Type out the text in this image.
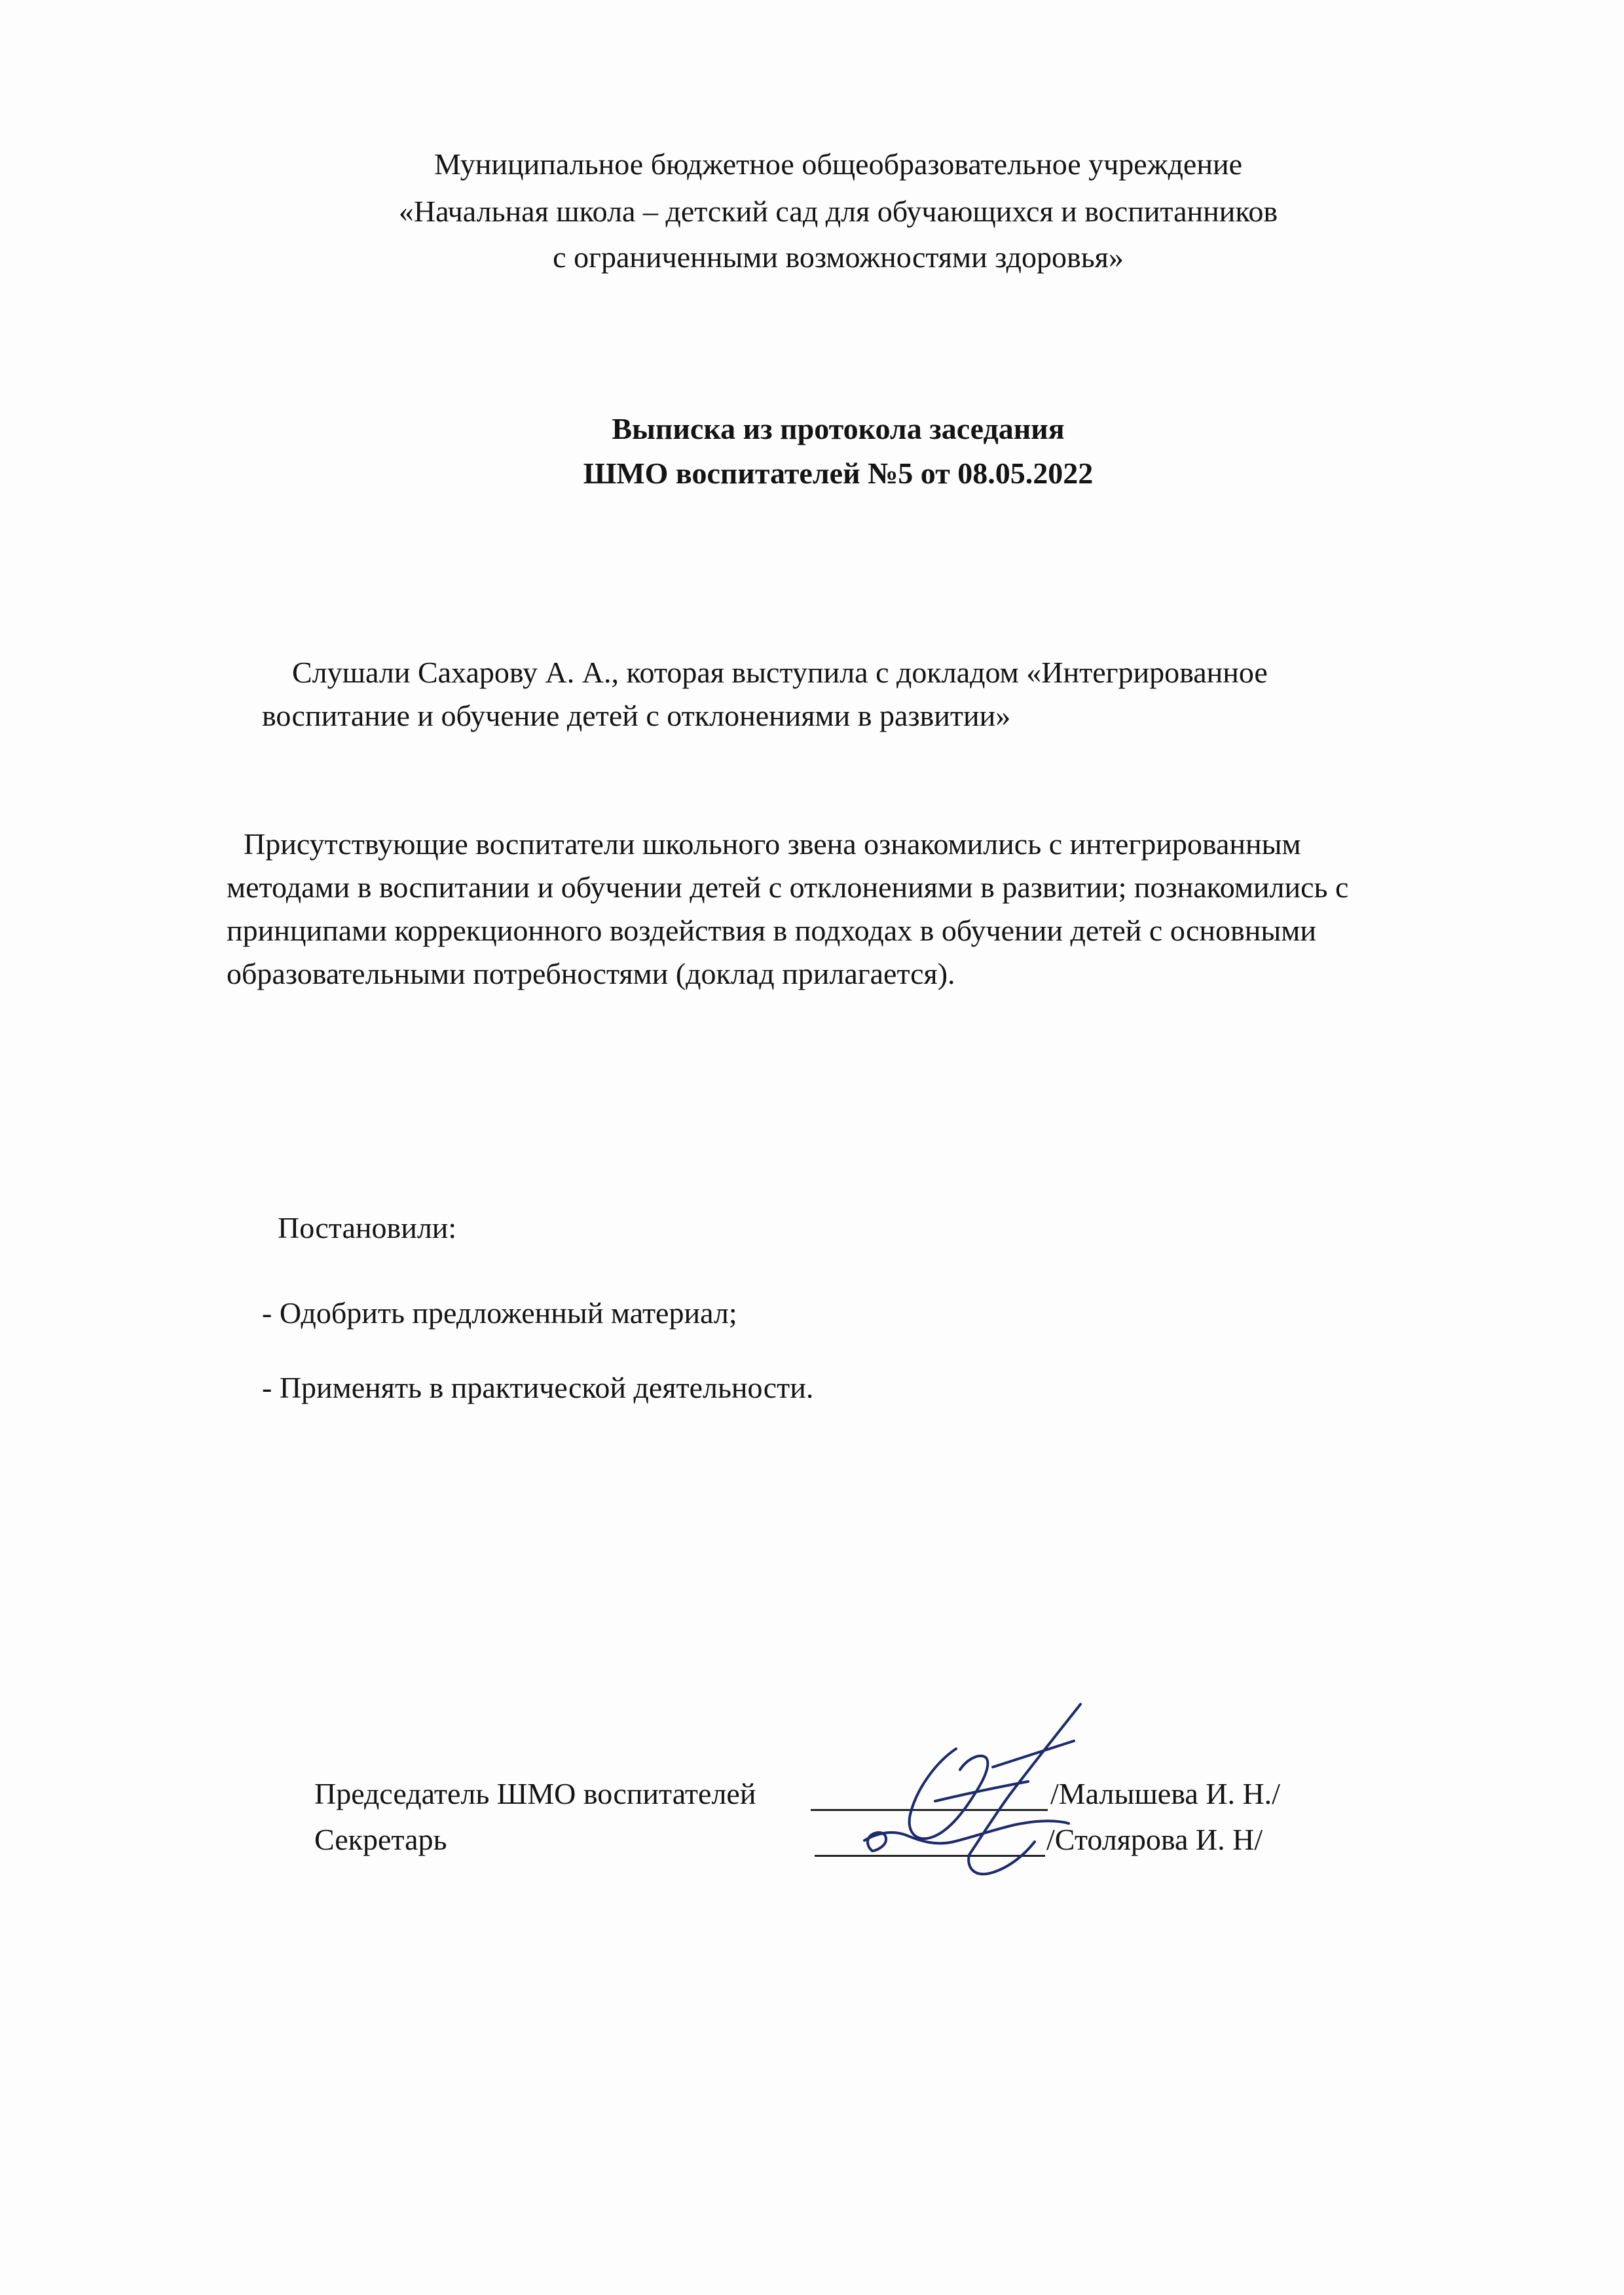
Муниципальное бюджетное общеобразовательное учреждение
«Начальная школа – детский сад для обучающихся и воспитанников
с ограниченными возможностями здоровья»
Выписка из протокола заседания
ШМО воспитателей №5 от 08.05.2022
Слушали Сахарову А. А., которая выступила с докладом «Интегрированное
воспитание и обучение детей с отклонениями в развитии»
Присутствующие воспитатели школьного звена ознакомились с интегрированным
методами в воспитании и обучении детей с отклонениями в развитии; познакомились с
принципами коррекционного воздействия в подходах в обучении детей с основными
образовательными потребностями (доклад прилагается).
Постановили:
- Одобрить предложенный материал;
- Применять в практической деятельности.
Председатель ШМО воспитателей	/Малышева И. Н./
Секретарь	/Столярова И. Н/
